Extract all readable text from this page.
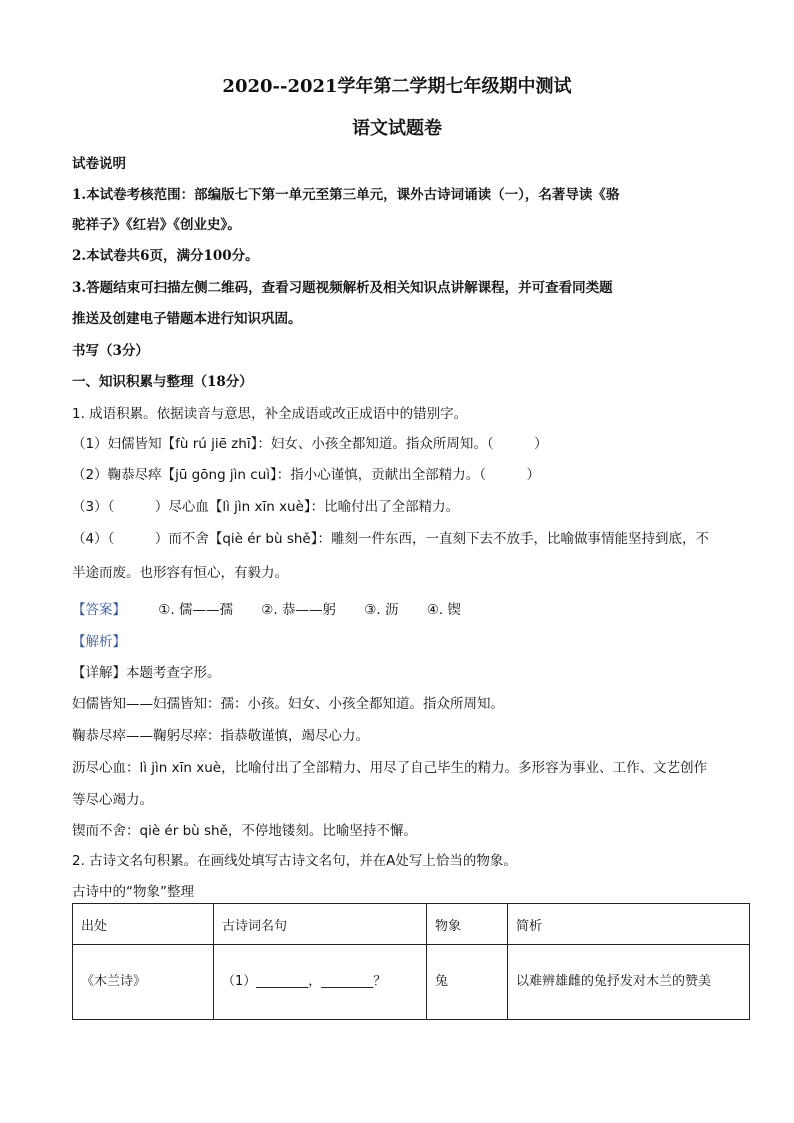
2020--2021学年第二学期七年级期中测试
语文试题卷
试卷说明
1.本试卷考核范围：部编版七下第一单元至第三单元，课外古诗词诵读（一），名著导读《骆
驼祥子》《红岩》《创业史》。
2.本试卷共6页，满分100分。
3.答题结束可扫描左侧二维码，查看习题视频解析及相关知识点讲解课程，并可查看同类题
推送及创建电子错题本进行知识巩固。
书写（3分）
一、知识积累与整理（18分）
1. 成语积累。依据读音与意思，补全成语或改正成语中的错别字。
（1）妇儒皆知【fù rú jiē zhī】：妇女、小孩全都知道。指众所周知。（　　　）
（2）鞠恭尽瘁【jū gōng jìn cuì】：指小心谨慎，贡献出全部精力。（　　　）
（3）（　　　）尽心血【lì jìn xīn xuè】：比喻付出了全部精力。
（4）（　　　）而不舍【qiè ér bù shě】：雕刻一件东西，一直刻下去不放手，比喻做事情能坚持到底，不
半途而废。也形容有恒心，有毅力。
【答案】 ①. 儒——孺 ②. 恭——躬 ③. 沥 ④. 锲
【解析】
【详解】本题考查字形。
妇儒皆知——妇孺皆知：孺：小孩。妇女、小孩全都知道。指众所周知。
鞠恭尽瘁——鞠躬尽瘁：指恭敬谨慎，竭尽心力。
沥尽心血：lì jìn xīn xuè，比喻付出了全部精力、用尽了自己毕生的精力。多形容为事业、工作、文艺创作
等尽心竭力。
锲而不舍：qiè ér bù shě，不停地镂刻。比喻坚持不懈。
2. 古诗文名句积累。在画线处填写古诗文名句，并在A处写上恰当的物象。
古诗中的“物象”整理
出处	古诗词名句	物象	简析
《木兰诗》	（1）________，________？	兔	以难辨雄雌的兔抒发对木兰的赞美
